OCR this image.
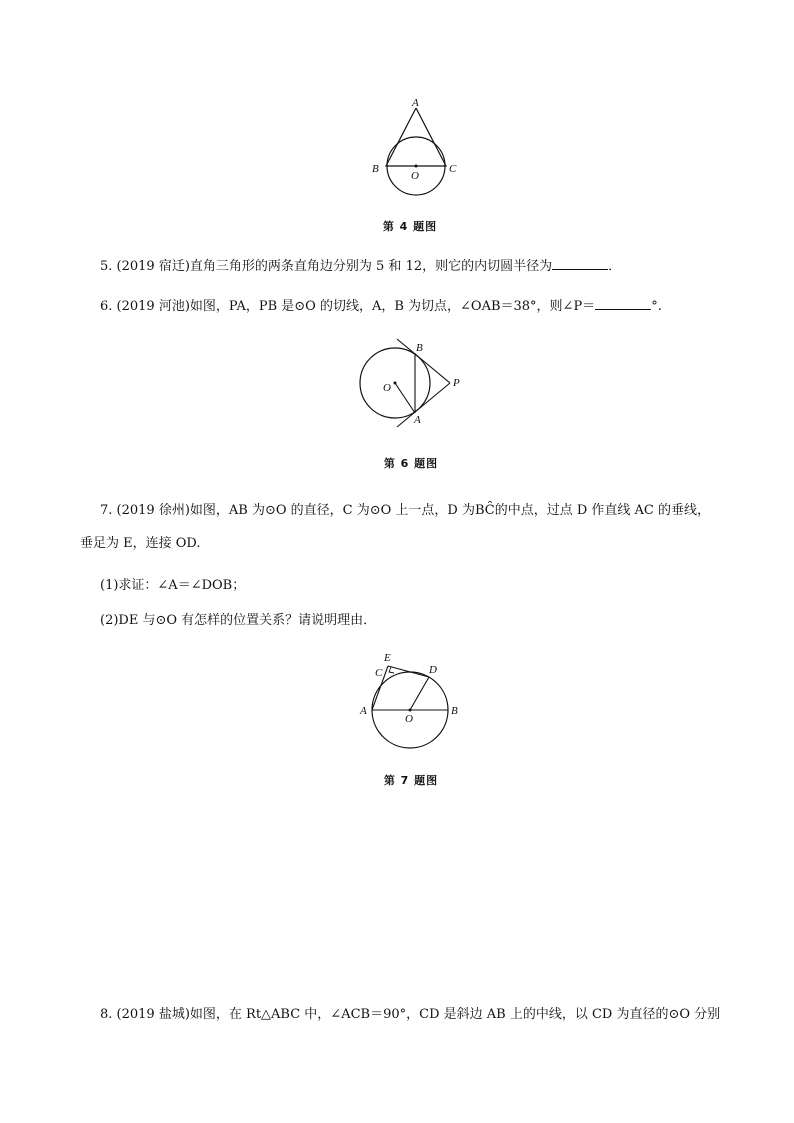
A
B	C
O
第 4 题图
5. (2019 宿迁)直角三角形的两条直角边分别为 5 和 12，则它的内切圆半径为	．
6. (2019 河池)如图，PA，PB 是⊙O 的切线，A，B 为切点，∠OAB＝38°，则∠P＝	°.
B
O	P
A
第 6 题图
7. (2019 徐州)如图，AB 为⊙O 的直径，C 为⊙O 上一点，D 为BC̑的中点，过点 D 作直线 AC 的垂线，
垂足为 E，连接 OD.
(1)求证：∠A＝∠DOB；
(2)DE 与⊙O 有怎样的位置关系？请说明理由．
C
E
D
A
O
B
第 7 题图
8. (2019 盐城)如图，在 Rt△ABC 中，∠ACB＝90°，CD 是斜边 AB 上的中线，以 CD 为直径的⊙O 分别
